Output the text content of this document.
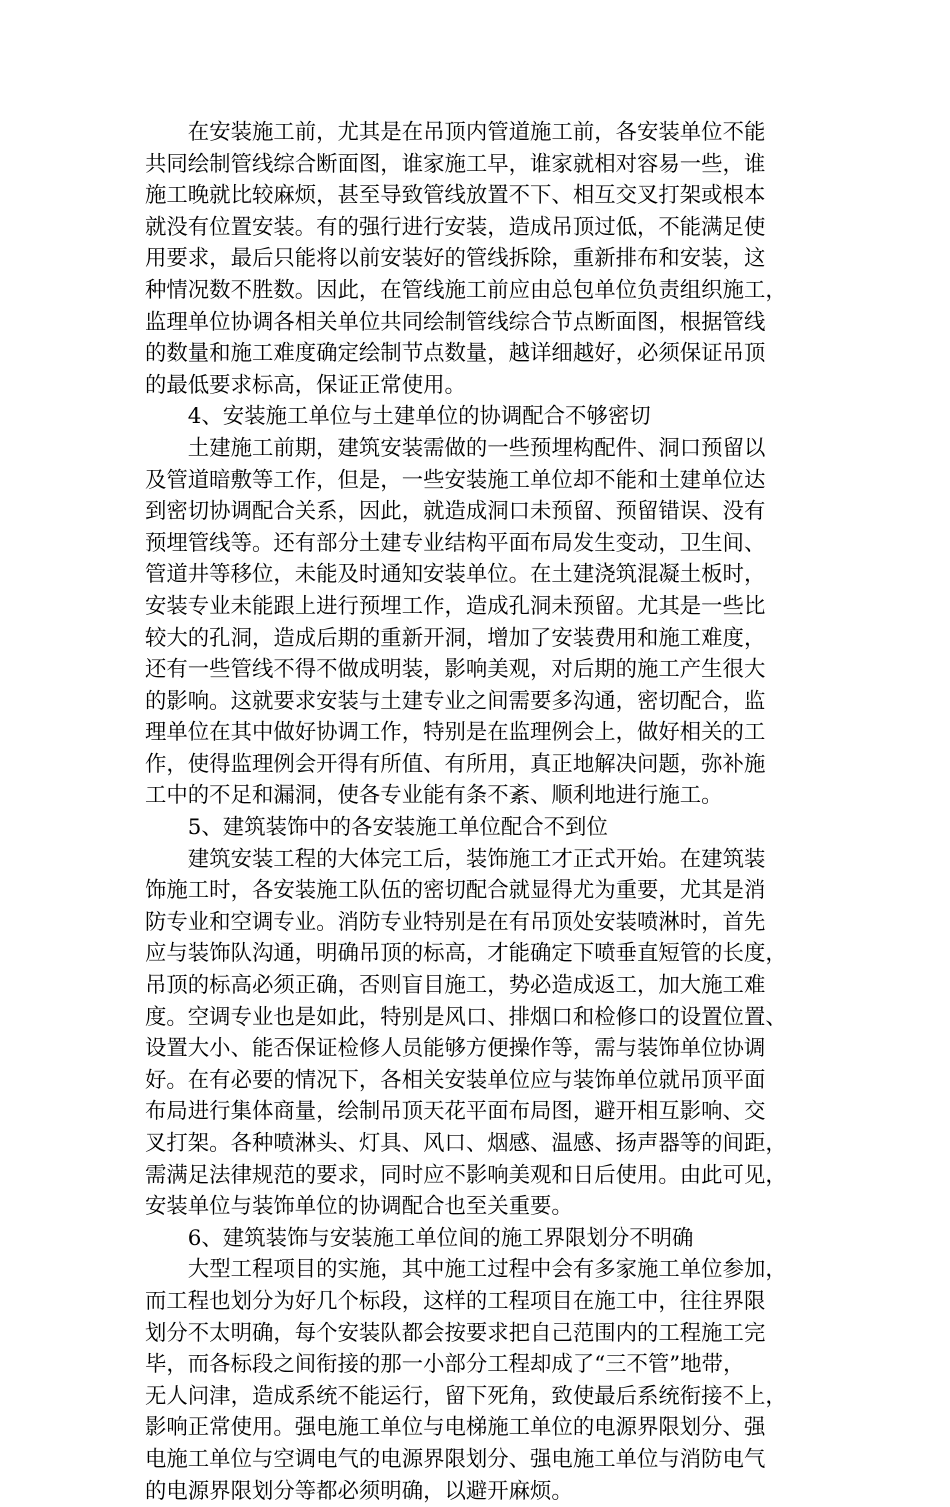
在安装施工前，尤其是在吊顶内管道施工前，各安装单位不能
共同绘制管线综合断面图，谁家施工早，谁家就相对容易一些，谁
施工晚就比较麻烦，甚至导致管线放置不下、相互交叉打架或根本
就没有位置安装。有的强行进行安装，造成吊顶过低，不能满足使
用要求，最后只能将以前安装好的管线拆除，重新排布和安装，这
种情况数不胜数。因此，在管线施工前应由总包单位负责组织施工，
监理单位协调各相关单位共同绘制管线综合节点断面图，根据管线
的数量和施工难度确定绘制节点数量，越详细越好，必须保证吊顶
的最低要求标高，保证正常使用。

4、安装施工单位与土建单位的协调配合不够密切

土建施工前期，建筑安装需做的一些预埋构配件、洞口预留以
及管道暗敷等工作，但是，一些安装施工单位却不能和土建单位达
到密切协调配合关系，因此，就造成洞口未预留、预留错误、没有
预埋管线等。还有部分土建专业结构平面布局发生变动，卫生间、
管道井等移位，未能及时通知安装单位。在土建浇筑混凝土板时，
安装专业未能跟上进行预埋工作，造成孔洞未预留。尤其是一些比
较大的孔洞，造成后期的重新开洞，增加了安装费用和施工难度，
还有一些管线不得不做成明装，影响美观，对后期的施工产生很大
的影响。这就要求安装与土建专业之间需要多沟通，密切配合，监
理单位在其中做好协调工作，特别是在监理例会上，做好相关的工
作，使得监理例会开得有所值、有所用，真正地解决问题，弥补施
工中的不足和漏洞，使各专业能有条不紊、顺利地进行施工。

5、建筑装饰中的各安装施工单位配合不到位

建筑安装工程的大体完工后，装饰施工才正式开始。在建筑装
饰施工时，各安装施工队伍的密切配合就显得尤为重要，尤其是消
防专业和空调专业。消防专业特别是在有吊顶处安装喷淋时，首先
应与装饰队沟通，明确吊顶的标高，才能确定下喷垂直短管的长度，
吊顶的标高必须正确，否则盲目施工，势必造成返工，加大施工难
度。空调专业也是如此，特别是风口、排烟口和检修口的设置位置、
设置大小、能否保证检修人员能够方便操作等，需与装饰单位协调
好。在有必要的情况下，各相关安装单位应与装饰单位就吊顶平面
布局进行集体商量，绘制吊顶天花平面布局图，避开相互影响、交
叉打架。各种喷淋头、灯具、风口、烟感、温感、扬声器等的间距，
需满足法律规范的要求，同时应不影响美观和日后使用。由此可见，
安装单位与装饰单位的协调配合也至关重要。

6、建筑装饰与安装施工单位间的施工界限划分不明确

大型工程项目的实施，其中施工过程中会有多家施工单位参加，
而工程也划分为好几个标段，这样的工程项目在施工中，往往界限
划分不太明确，每个安装队都会按要求把自己范围内的工程施工完
毕，而各标段之间衔接的那一小部分工程却成了“三不管”地带，
无人问津，造成系统不能运行，留下死角，致使最后系统衔接不上，
影响正常使用。强电施工单位与电梯施工单位的电源界限划分、强
电施工单位与空调电气的电源界限划分、强电施工单位与消防电气
的电源界限划分等都必须明确，以避开麻烦。
